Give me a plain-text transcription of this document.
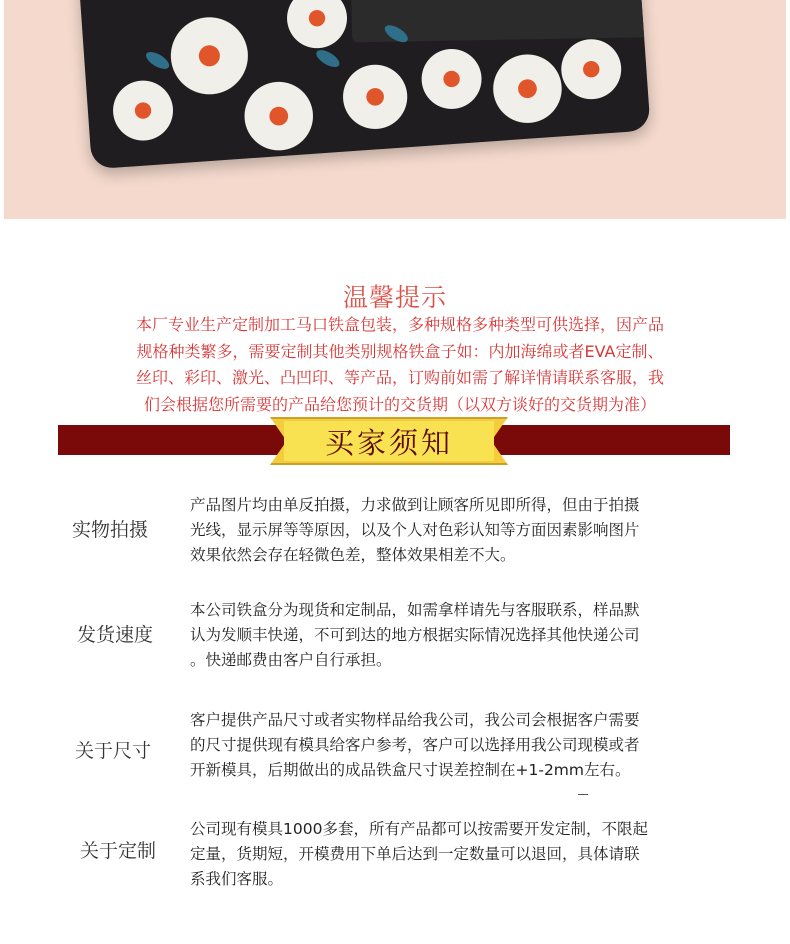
温馨提示
本厂专业生产定制加工马口铁盒包装，多种规格多种类型可供选择，因产品
规格种类繁多，需要定制其他类别规格铁盒子如：内加海绵或者EVA定制、
丝印、彩印、激光、凸凹印、等产品，订购前如需了解详情请联系客服，我
们会根据您所需要的产品给您预计的交货期（以双方谈好的交货期为准）
买家须知
实物拍摄
产品图片均由单反拍摄，力求做到让顾客所见即所得，但由于拍摄
光线，显示屏等等原因，以及个人对色彩认知等方面因素影响图片
效果依然会存在轻微色差，整体效果相差不大。
发货速度
本公司铁盒分为现货和定制品，如需拿样请先与客服联系，样品默
认为发顺丰快递，不可到达的地方根据实际情况选择其他快递公司
。快递邮费由客户自行承担。
关于尺寸
客户提供产品尺寸或者实物样品给我公司，我公司会根据客户需要
的尺寸提供现有模具给客户参考，客户可以选择用我公司现模或者
开新模具，后期做出的成品铁盒尺寸误差控制在+1-2mm左右。
关于定制
公司现有模具1000多套，所有产品都可以按需要开发定制，不限起
定量，货期短，开模费用下单后达到一定数量可以退回，具体请联
系我们客服。
